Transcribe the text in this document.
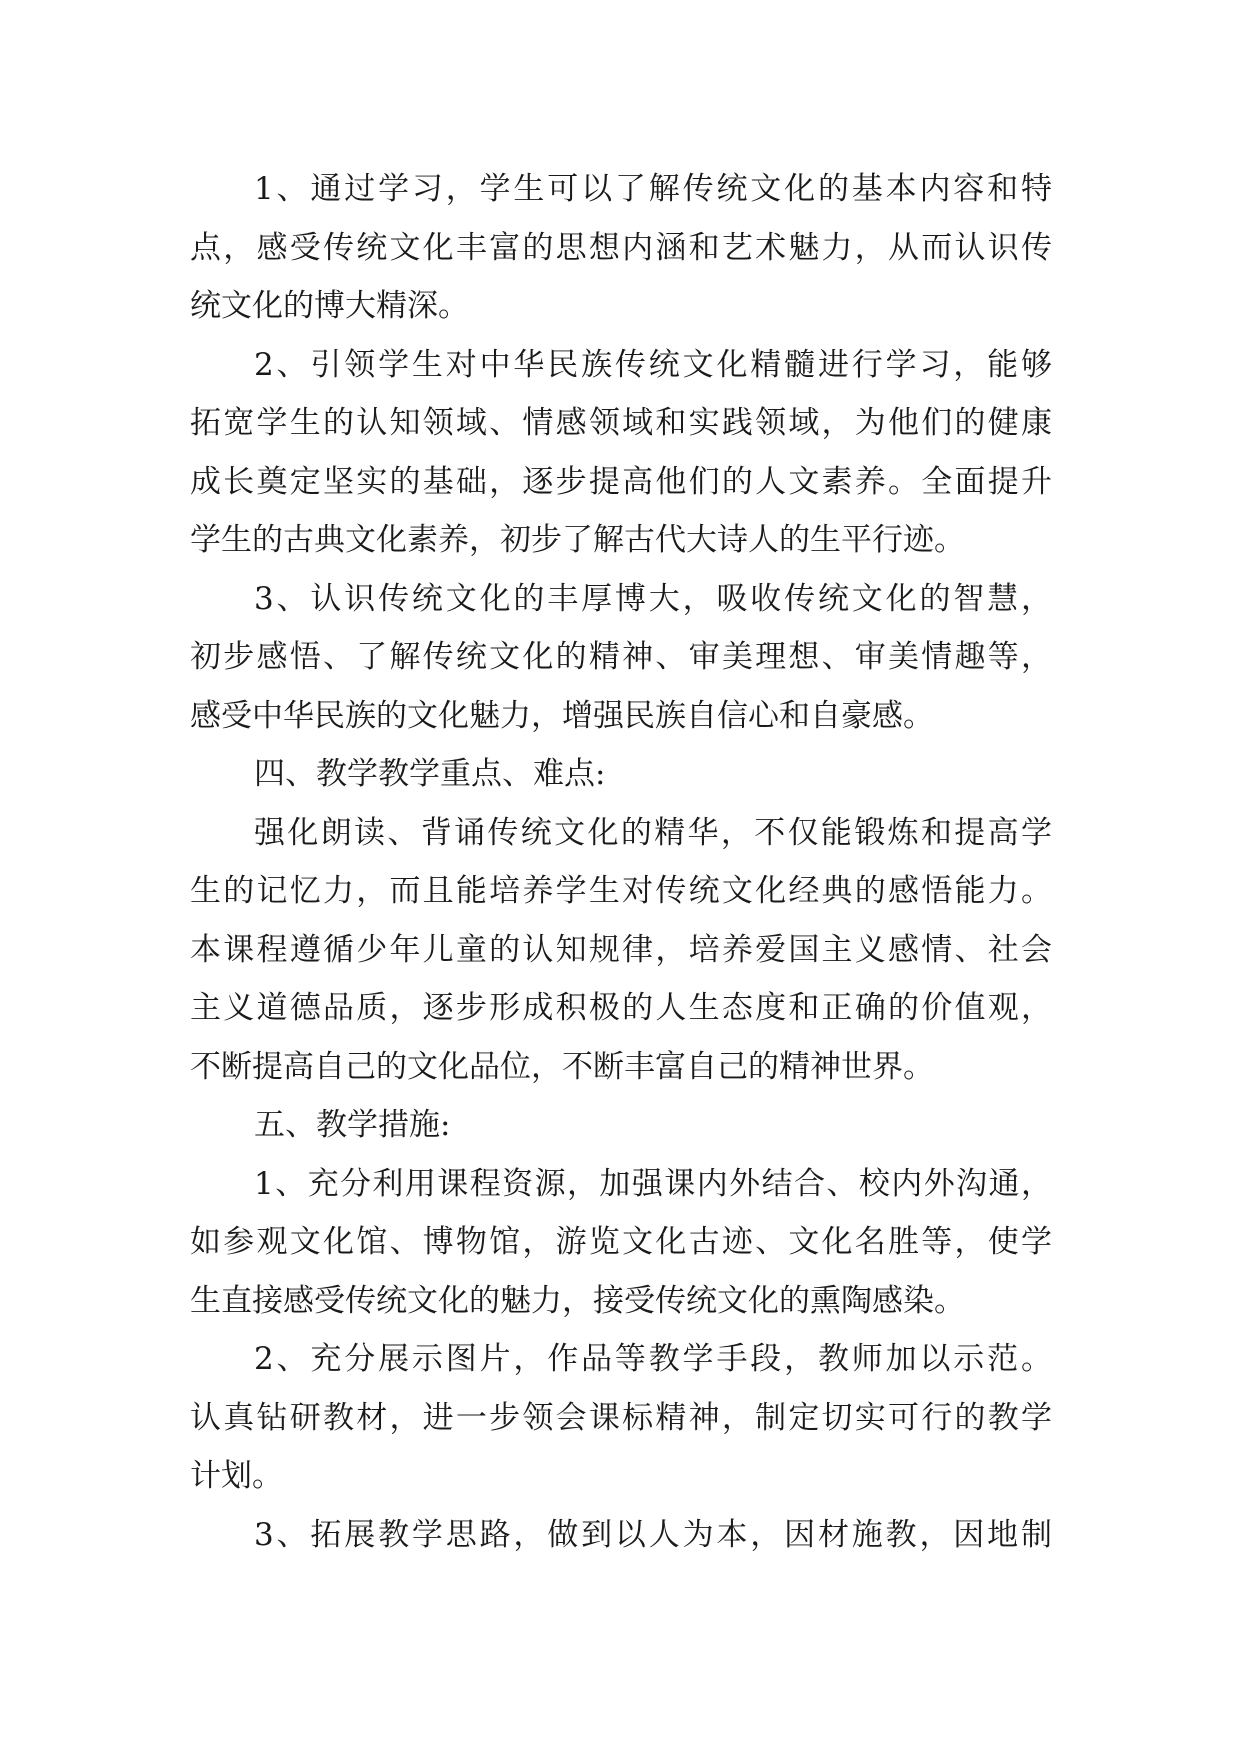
1、通过学习，学生可以了解传统文化的基本内容和特
点，感受传统文化丰富的思想内涵和艺术魅力，从而认识传
统文化的博大精深。
2、引领学生对中华民族传统文化精髓进行学习，能够
拓宽学生的认知领域、情感领域和实践领域，为他们的健康
成长奠定坚实的基础，逐步提高他们的人文素养。全面提升
学生的古典文化素养，初步了解古代大诗人的生平行迹。
3、认识传统文化的丰厚博大，吸收传统文化的智慧，
初步感悟、了解传统文化的精神、审美理想、审美情趣等，
感受中华民族的文化魅力，增强民族自信心和自豪感。
四、教学教学重点、难点:
强化朗读、背诵传统文化的精华，不仅能锻炼和提高学
生的记忆力，而且能培养学生对传统文化经典的感悟能力。
本课程遵循少年儿童的认知规律，培养爱国主义感情、社会
主义道德品质，逐步形成积极的人生态度和正确的价值观，
不断提高自己的文化品位，不断丰富自己的精神世界。
五、教学措施:
1、充分利用课程资源，加强课内外结合、校内外沟通，
如参观文化馆、博物馆，游览文化古迹、文化名胜等，使学
生直接感受传统文化的魅力，接受传统文化的熏陶感染。
2、充分展示图片，作品等教学手段，教师加以示范。
认真钻研教材，进一步领会课标精神，制定切实可行的教学
计划。
3、拓展教学思路，做到以人为本，因材施教，因地制
